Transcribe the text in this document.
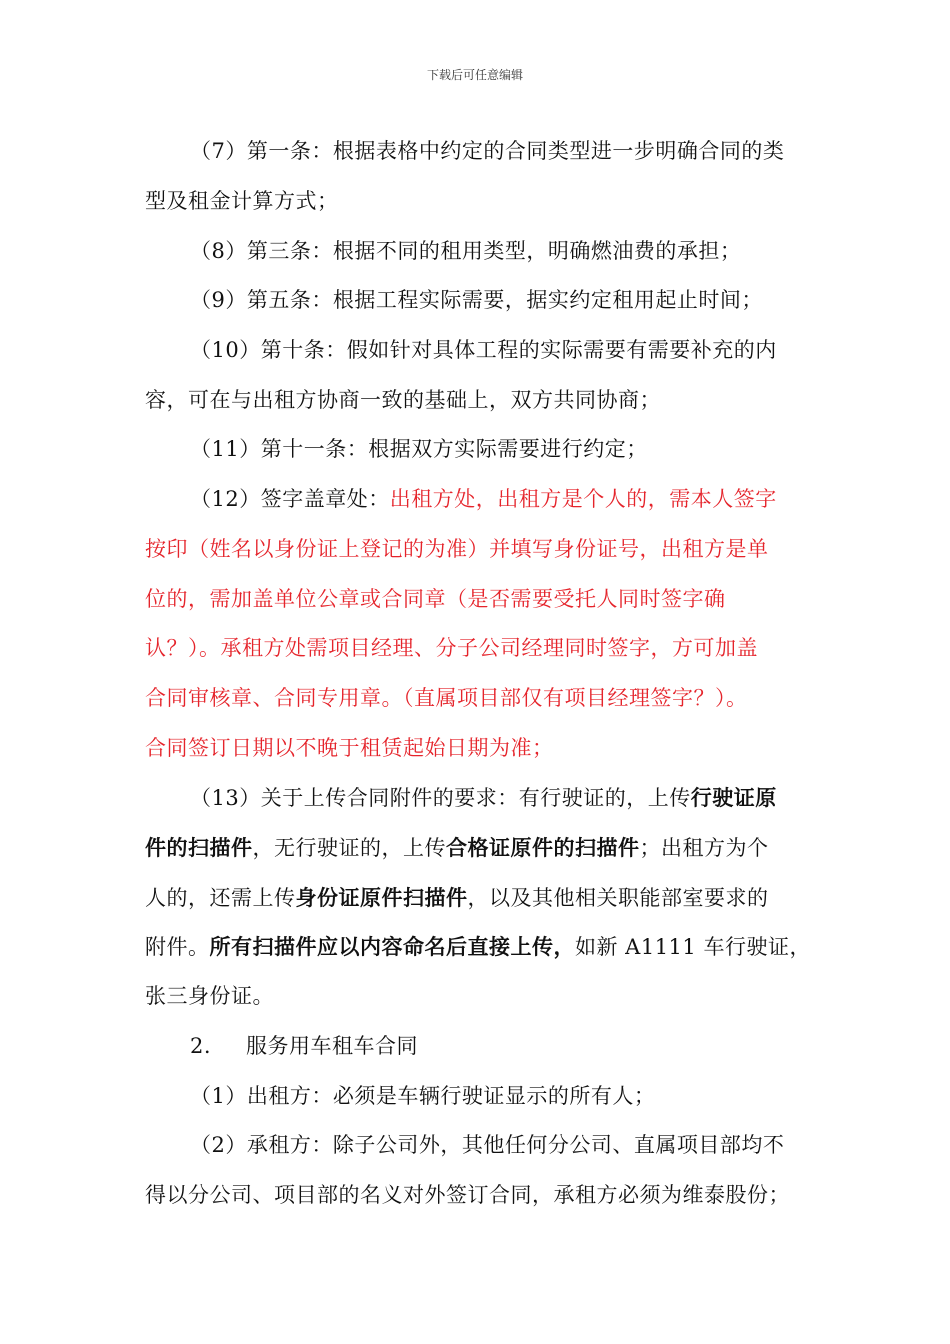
下载后可任意编辑
（7）第一条：根据表格中约定的合同类型进一步明确合同的类
型及租金计算方式；
（8）第三条：根据不同的租用类型，明确燃油费的承担；
（9）第五条：根据工程实际需要，据实约定租用起止时间；
（10）第十条：假如针对具体工程的实际需要有需要补充的内
容，可在与出租方协商一致的基础上，双方共同协商；
（11）第十一条：根据双方实际需要进行约定；
（12）签字盖章处：出租方处，出租方是个人的，需本人签字
按印（姓名以身份证上登记的为准）并填写身份证号，出租方是单
位的，需加盖单位公章或合同章（是否需要受托人同时签字确
认？）。承租方处需项目经理、分子公司经理同时签字，方可加盖
合同审核章、合同专用章。（直属项目部仅有项目经理签字？）。
合同签订日期以不晚于租赁起始日期为准；
（13）关于上传合同附件的要求：有行驶证的，上传行驶证原
件的扫描件，无行驶证的，上传合格证原件的扫描件；出租方为个
人的，还需上传身份证原件扫描件，以及其他相关职能部室要求的
附件。所有扫描件应以内容命名后直接上传，如新 A1111 车行驶证，
张三身份证。
2. 服务用车租车合同
（1）出租方：必须是车辆行驶证显示的所有人；
（2）承租方：除子公司外，其他任何分公司、直属项目部均不
得以分公司、项目部的名义对外签订合同，承租方必须为维泰股份；
